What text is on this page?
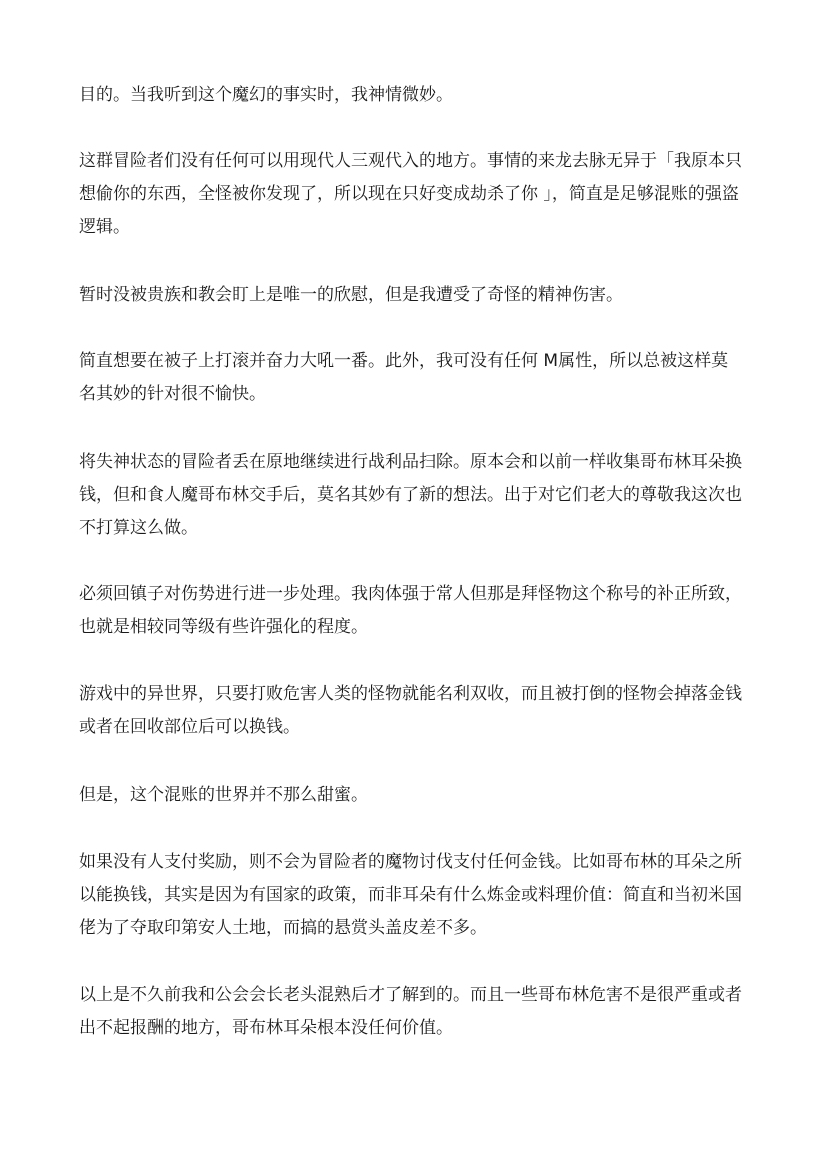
目的。当我听到这个魔幻的事实时，我神情微妙。

这群冒险者们没有任何可以用现代人三观代入的地方。事情的来龙去脉无异于「我原本只想偷你的东西，全怪被你发现了，所以现在只好变成劫杀了你 」，简直是足够混账的强盗逻辑。

暂时没被贵族和教会盯上是唯一的欣慰，但是我遭受了奇怪的精神伤害。

简直想要在被子上打滚并奋力大吼一番。此外，我可没有任何 M属性，所以总被这样莫名其妙的针对很不愉快。

将失神状态的冒险者丢在原地继续进行战利品扫除。原本会和以前一样收集哥布林耳朵换钱，但和食人魔哥布林交手后，莫名其妙有了新的想法。出于对它们老大的尊敬我这次也不打算这么做。

必须回镇子对伤势进行进一步处理。我肉体强于常人但那是拜怪物这个称号的补正所致，也就是相较同等级有些许强化的程度。

游戏中的异世界，只要打败危害人类的怪物就能名利双收，而且被打倒的怪物会掉落金钱或者在回收部位后可以换钱。

但是，这个混账的世界并不那么甜蜜。

如果没有人支付奖励，则不会为冒险者的魔物讨伐支付任何金钱。比如哥布林的耳朵之所以能换钱，其实是因为有国家的政策，而非耳朵有什么炼金或料理价值：简直和当初米国佬为了夺取印第安人土地，而搞的悬赏头盖皮差不多。

以上是不久前我和公会会长老头混熟后才了解到的。而且一些哥布林危害不是很严重或者出不起报酬的地方，哥布林耳朵根本没任何价值。
